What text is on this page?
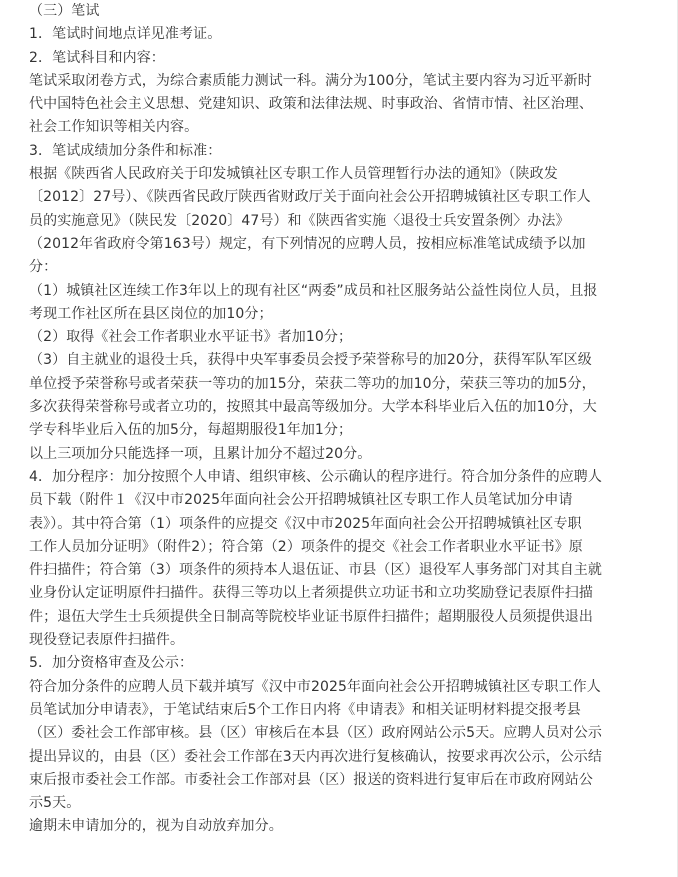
（三）笔试
1．笔试时间地点详见准考证。
2．笔试科目和内容：
笔试采取闭卷方式，为综合素质能力测试一科。满分为100分，笔试主要内容为习近平新时
代中国特色社会主义思想、党建知识、政策和法律法规、时事政治、省情市情、社区治理、
社会工作知识等相关内容。
3．笔试成绩加分条件和标准：
根据《陕西省人民政府关于印发城镇社区专职工作人员管理暂行办法的通知》（陕政发
〔2012〕27号）、《陕西省民政厅陕西省财政厅关于面向社会公开招聘城镇社区专职工作人
员的实施意见》（陕民发〔2020〕47号）和《陕西省实施〈退役士兵安置条例〉办法》
（2012年省政府令第163号）规定，有下列情况的应聘人员，按相应标准笔试成绩予以加
分：
（1）城镇社区连续工作3年以上的现有社区“两委”成员和社区服务站公益性岗位人员，且报
考现工作社区所在县区岗位的加10分；
（2）取得《社会工作者职业水平证书》者加10分；
（3）自主就业的退役士兵，获得中央军事委员会授予荣誉称号的加20分，获得军队军区级
单位授予荣誉称号或者荣获一等功的加15分，荣获二等功的加10分，荣获三等功的加5分，
多次获得荣誉称号或者立功的，按照其中最高等级加分。大学本科毕业后入伍的加10分，大
学专科毕业后入伍的加5分，每超期服役1年加1分；
以上三项加分只能选择一项，且累计加分不超过20分。
4．加分程序：加分按照个人申请、组织审核、公示确认的程序进行。符合加分条件的应聘人
员下载（附件１《汉中市2025年面向社会公开招聘城镇社区专职工作人员笔试加分申请
表》）。其中符合第（1）项条件的应提交《汉中市2025年面向社会公开招聘城镇社区专职
工作人员加分证明》（附件2）；符合第（2）项条件的提交《社会工作者职业水平证书》原
件扫描件；符合第（3）项条件的须持本人退伍证、市县（区）退役军人事务部门对其自主就
业身份认定证明原件扫描件。获得三等功以上者须提供立功证书和立功奖励登记表原件扫描
件；退伍大学生士兵须提供全日制高等院校毕业证书原件扫描件；超期服役人员须提供退出
现役登记表原件扫描件。
5．加分资格审查及公示：
符合加分条件的应聘人员下载并填写《汉中市2025年面向社会公开招聘城镇社区专职工作人
员笔试加分申请表》，于笔试结束后5个工作日内将《申请表》和相关证明材料提交报考县
（区）委社会工作部审核。县（区）审核后在本县（区）政府网站公示5天。应聘人员对公示
提出异议的，由县（区）委社会工作部在3天内再次进行复核确认，按要求再次公示，公示结
束后报市委社会工作部。市委社会工作部对县（区）报送的资料进行复审后在市政府网站公
示5天。
逾期未申请加分的，视为自动放弃加分。
